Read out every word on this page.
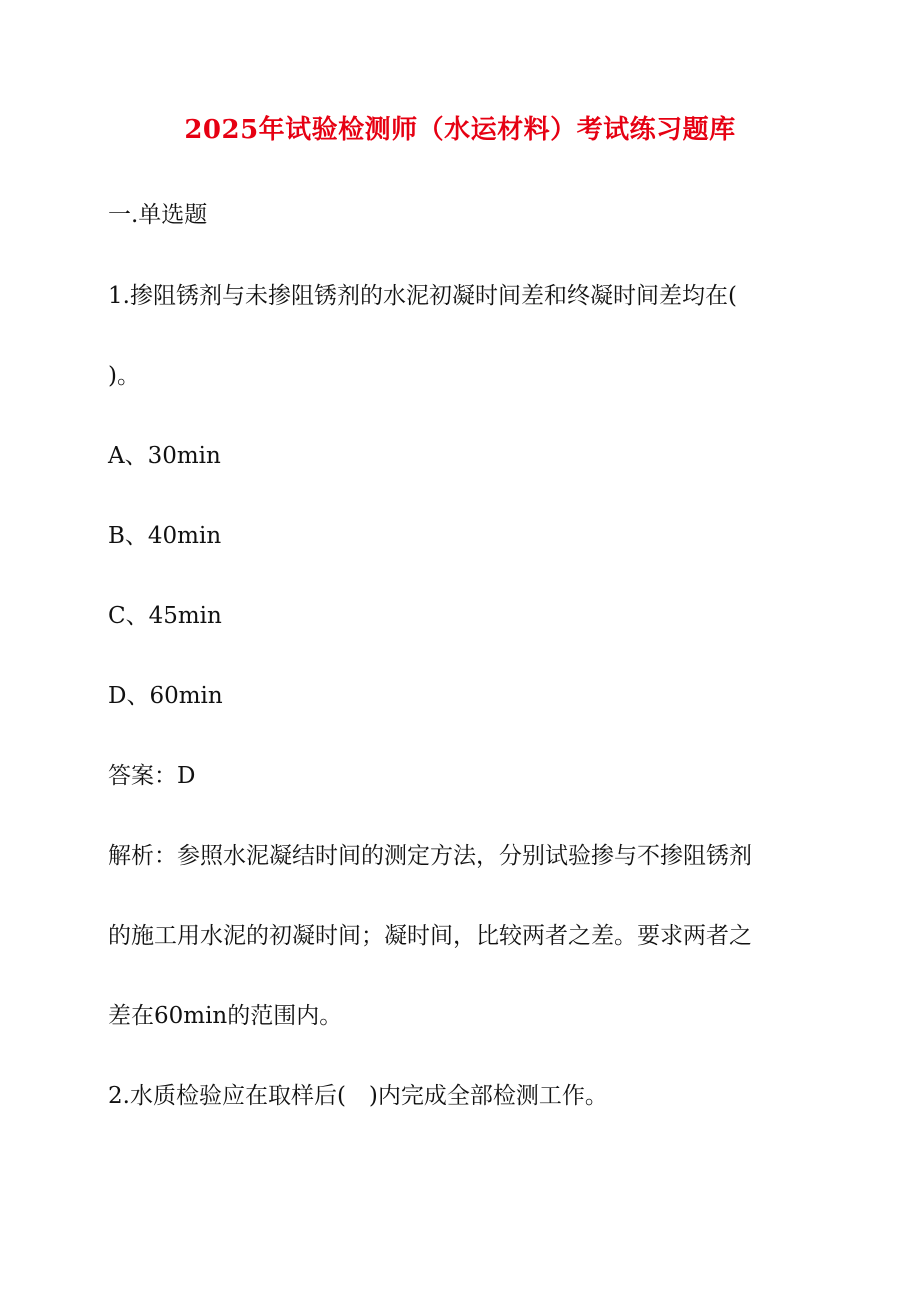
2025年试验检测师（水运材料）考试练习题库
一.单选题
1.掺阻锈剂与未掺阻锈剂的水泥初凝时间差和终凝时间差均在(
)。
A、30min
B、40min
C、45min
D、60min
答案：D
解析：参照水泥凝结时间的测定方法，分别试验掺与不掺阻锈剂
的施工用水泥的初凝时间；凝时间，比较两者之差。要求两者之
差在60min的范围内。
2.水质检验应在取样后(　)内完成全部检测工作。
